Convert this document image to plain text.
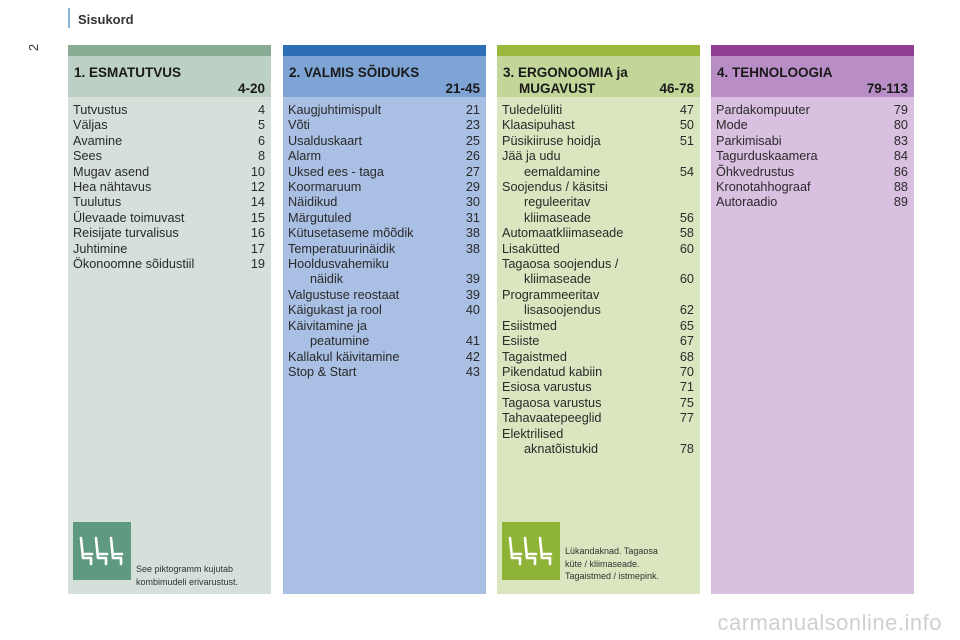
Sisukord
2
1. ESMATUTVUS
4-20
Tutvustus	4
Väljas	5
Avamine	6
Sees	8
Mugav asend	10
Hea nähtavus	12
Tuulutus	14
Ülevaade toimuvast	15
Reisijate turvalisus	16
Juhtimine	17
Ökonoomne sõidustiil	19
See piktogramm kujutab
kombimudeli erivarustust.
2. VALMIS SÕIDUKS
21-45
Kaugjuhtimispult	21
Võti	23
Usalduskaart	25
Alarm	26
Uksed ees - taga	27
Koormaruum	29
Näidikud	30
Märgutuled	31
Kütusetaseme mõõdik	38
Temperatuurinäidik	38
Hooldusvahemiku
näidik	39
Valgustuse reostaat	39
Käigukast ja rool	40
Käivitamine ja
peatumine	41
Kallakul käivitamine	42
Stop & Start	43
3. ERGONOOMIA ja
MUGAVUST	46-78
Tuledelüliti	47
Klaasipuhast	50
Püsikiiruse hoidja	51
Jää ja udu
eemaldamine	54
Soojendus / käsitsi
reguleeritav
kliimaseade	56
Automaatkliimaseade	58
Lisakütted	60
Tagaosa soojendus /
kliimaseade	60
Programmeeritav
lisasoojendus	62
Esiistmed	65
Esiiste	67
Tagaistmed	68
Pikendatud kabiin	70
Esiosa varustus	71
Tagaosa varustus	75
Tahavaatepeeglid	77
Elektrilised
aknatõistukid	78
Lükandaknad. Tagaosa
küte / kliimaseade.
Tagaistmed / istmepink.
4. TEHNOLOOGIA
79-113
Pardakompuuter	79
Mode	80
Parkimisabi	83
Tagurduskaamera	84
Õhkvedrustus	86
Kronotahhograaf	88
Autoraadio	89
carmanualsonline.info
